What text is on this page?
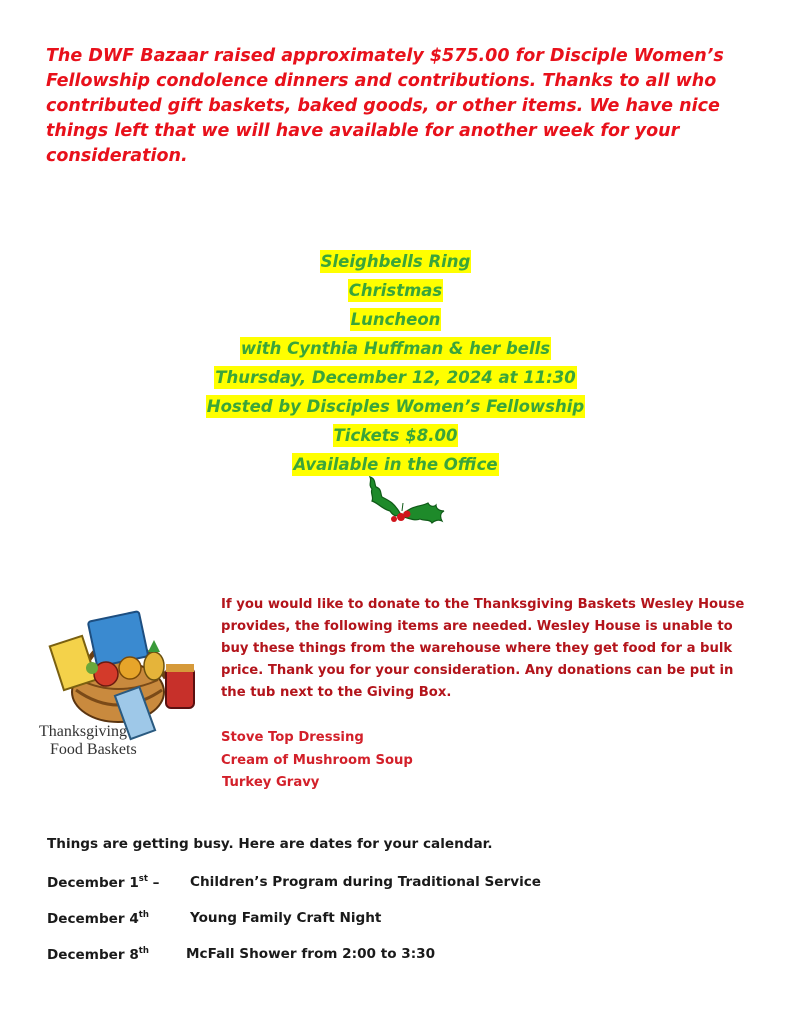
The DWF Bazaar raised approximately $575.00 for Disciple Women’s Fellowship condolence dinners and contributions. Thanks to all who contributed gift baskets, baked goods, or other items. We have nice things left that we will have available for another week for your consideration.

Sleighbells Ring
Christmas
Luncheon
with Cynthia Huffman & her bells
Thursday, December 12, 2024 at 11:30
Hosted by Disciples Women’s Fellowship
Tickets $8.00
Available in the Office
Thanksgiving
Food Baskets

If you would like to donate to the Thanksgiving Baskets Wesley House provides, the following items are needed. Wesley House is unable to buy these things from the warehouse where they get food for a bulk price. Thank you for your consideration. Any donations can be put in the tub next to the Giving Box.

Stove Top Dressing
Cream of Mushroom Soup
Turkey Gravy

Things are getting busy. Here are dates for your calendar.

December 1st – Children’s Program during Traditional Service
December 4th	Young Family Craft Night
December 8th	McFall Shower from 2:00 to 3:30
